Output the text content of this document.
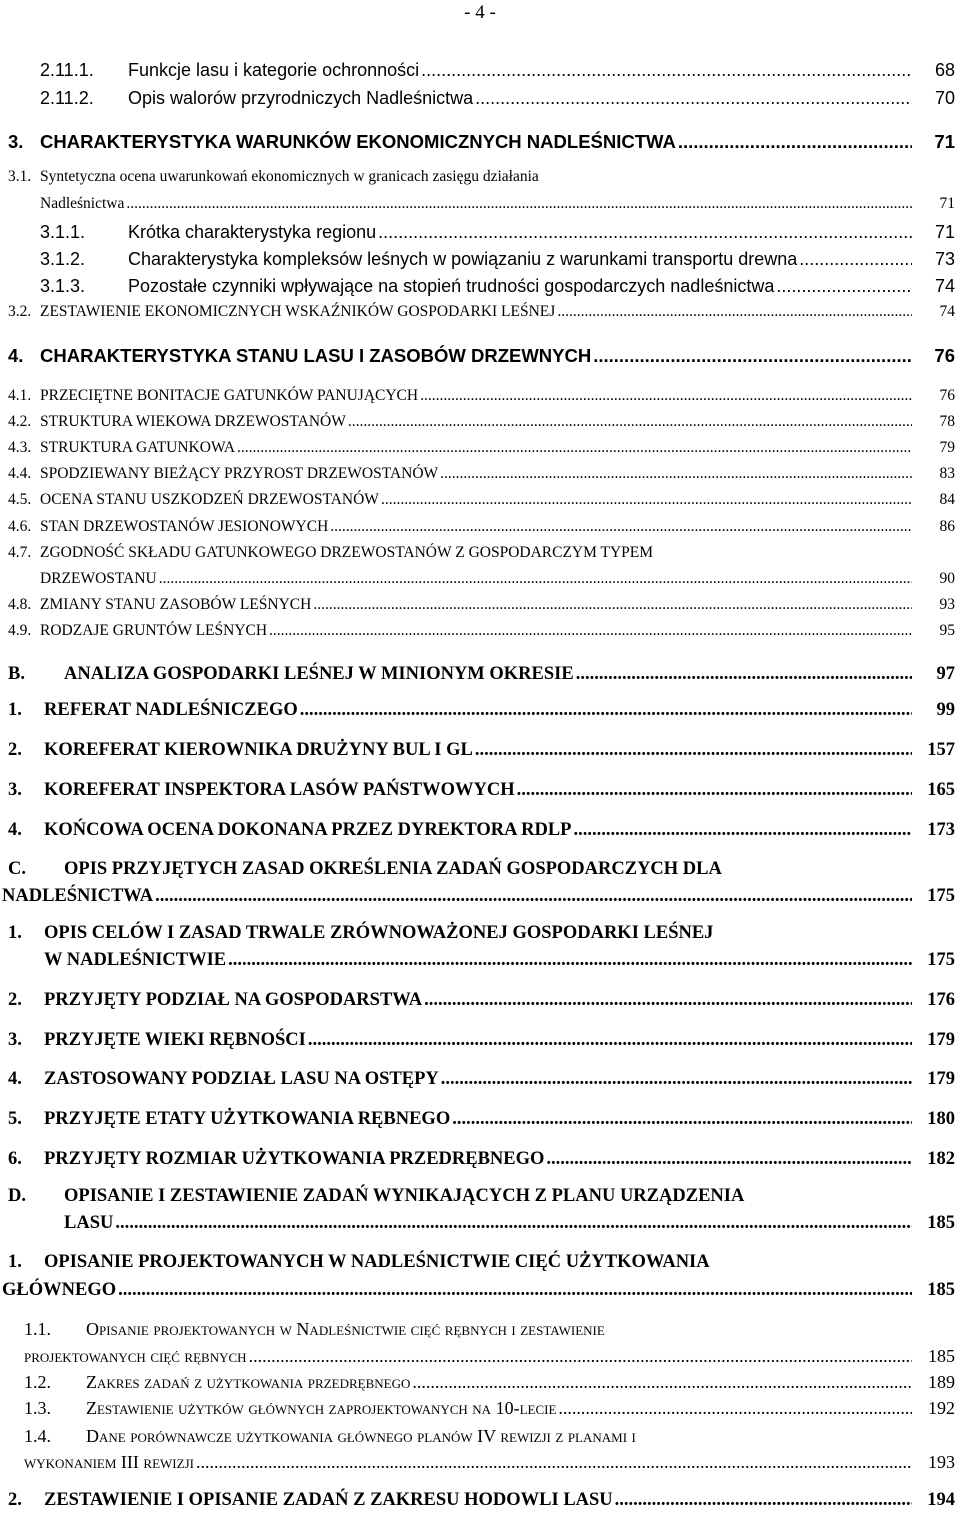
- 4 -
2.11.1. Funkcje lasu i kategorie ochronności .....	68
2.11.2. Opis walorów przyrodniczych Nadleśnictwa .....	70
3. CHARAKTERYSTYKA WARUNKÓW EKONOMICZNYCH NADLEŚNICTWA .....	71
3.1. Syntetyczna ocena uwarunkowań ekonomicznych w granicach zasięgu działania
Nadleśnictwa .....	71
3.1.1. Krótka charakterystyka regionu .....	71
3.1.2. Charakterystyka kompleksów leśnych w powiązaniu z warunkami transportu drewna .....	73
3.1.3. Pozostałe czynniki wpływające na stopień trudności gospodarczych nadleśnictwa .....	74
3.2. ZESTAWIENIE EKONOMICZNYCH WSKAŹNIKÓW GOSPODARKI LEŚNEJ .....	74
4. CHARAKTERYSTYKA STANU LASU I ZASOBÓW DRZEWNYCH .....	76
4.1. PRZECIĘTNE BONITACJE GATUNKÓW PANUJĄCYCH .....	76
4.2. STRUKTURA WIEKOWA DRZEWOSTANÓW .....	78
4.3. STRUKTURA GATUNKOWA .....	79
4.4. SPODZIEWANY BIEŻĄCY PRZYROST DRZEWOSTANÓW .....	83
4.5. OCENA STANU USZKODZEŃ DRZEWOSTANÓW .....	84
4.6. STAN DRZEWOSTANÓW JESIONOWYCH .....	86
4.7. ZGODNOŚĆ SKŁADU GATUNKOWEGO DRZEWOSTANÓW Z GOSPODARCZYM TYPEM
DRZEWOSTANU .....	90
4.8. ZMIANY STANU ZASOBÓW LEŚNYCH .....	93
4.9. RODZAJE GRUNTÓW LEŚNYCH .....	95
B. ANALIZA GOSPODARKI LEŚNEJ W MINIONYM OKRESIE .....	97
1. REFERAT NADLEŚNICZEGO .....	99
2. KOREFERAT KIEROWNIKA DRUŻYNY BUL I GL .....	157
3. KOREFERAT INSPEKTORA LASÓW PAŃSTWOWYCH .....	165
4. KOŃCOWA OCENA DOKONANA PRZEZ DYREKTORA RDLP .....	173
C. OPIS PRZYJĘTYCH ZASAD OKREŚLENIA ZADAŃ GOSPODARCZYCH DLA
NADLEŚNICTWA .....	175
1. OPIS CELÓW I ZASAD TRWALE ZRÓWNOWAŻONEJ GOSPODARKI LEŚNEJ
W NADLEŚNICTWIE .....	175
2. PRZYJĘTY PODZIAŁ NA GOSPODARSTWA .....	176
3. PRZYJĘTE WIEKI RĘBNOŚCI .....	179
4. ZASTOSOWANY PODZIAŁ LASU NA OSTĘPY .....	179
5. PRZYJĘTE ETATY UŻYTKOWANIA RĘBNEGO .....	180
6. PRZYJĘTY ROZMIAR UŻYTKOWANIA PRZEDRĘBNEGO .....	182
D. OPISANIE I ZESTAWIENIE ZADAŃ WYNIKAJĄCYCH Z PLANU URZĄDZENIA
LASU .....	185
1. OPISANIE PROJEKTOWANYCH W NADLEŚNICTWIE CIĘĆ UŻYTKOWANIA
GŁÓWNEGO .....	185
1.1. Opisanie projektowanych w Nadleśnictwie cięć rębnych i zestawienie
projektowanych cięć rębnych .....	185
1.2. Zakres zadań z użytkowania przedrębnego .....	189
1.3. Zestawienie użytków głównych zaprojektowanych na 10-lecie .....	192
1.4. Dane porównawcze użytkowania głównego planów IV rewizji z planami i
wykonaniem III rewizji .....	193
2. ZESTAWIENIE I OPISANIE ZADAŃ Z ZAKRESU HODOWLI LASU .....	194
